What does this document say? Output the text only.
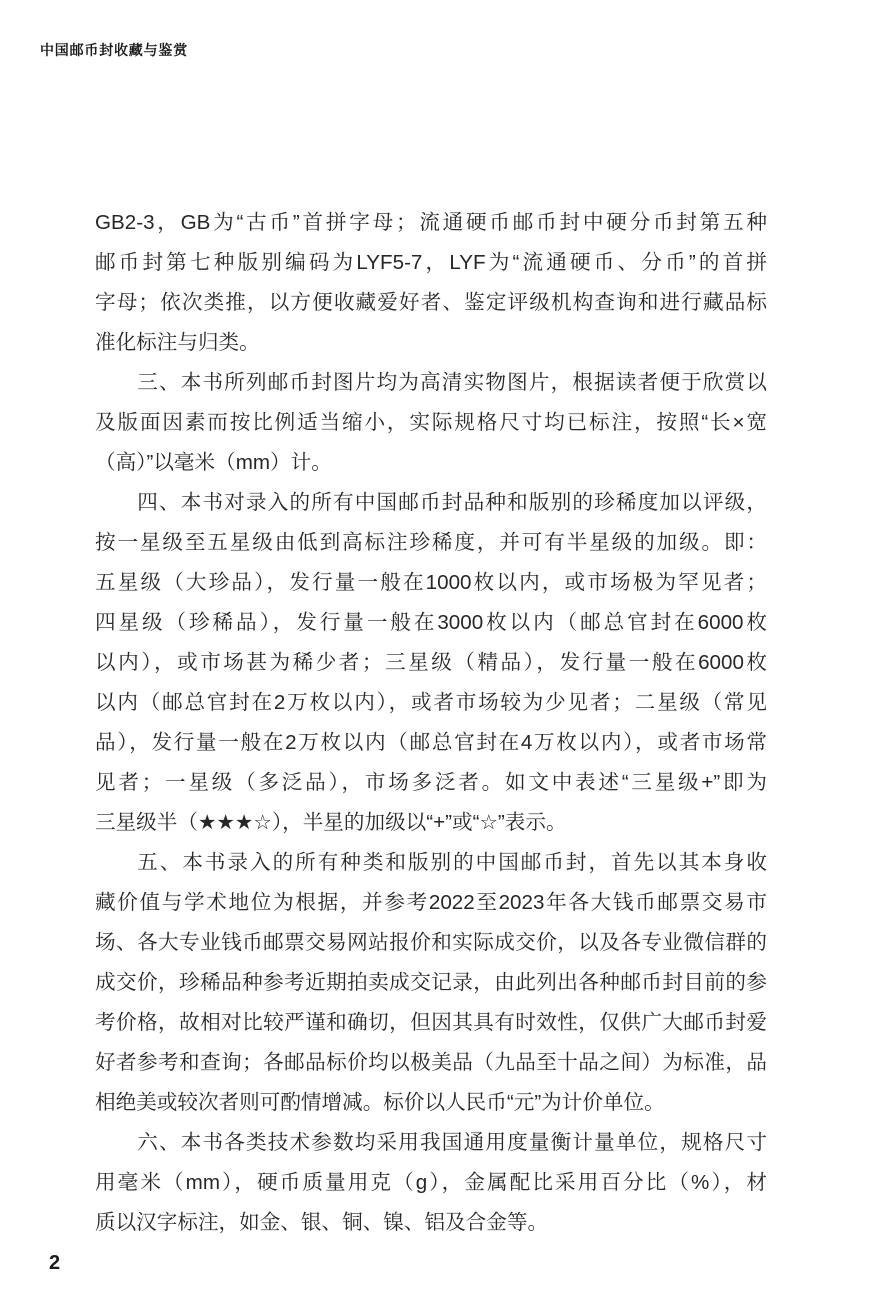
中国邮币封收藏与鉴赏
GB2-3，GB为“古币”首拼字母；流通硬币邮币封中硬分币封第五种
邮币封第七种版别编码为LYF5-7，LYF为“流通硬币、分币”的首拼
字母；依次类推，以方便收藏爱好者、鉴定评级机构查询和进行藏品标
准化标注与归类。
三、本书所列邮币封图片均为高清实物图片，根据读者便于欣赏以
及版面因素而按比例适当缩小，实际规格尺寸均已标注，按照“长×宽
（高）”以毫米（mm）计。
四、本书对录入的所有中国邮币封品种和版别的珍稀度加以评级，
按一星级至五星级由低到高标注珍稀度，并可有半星级的加级。即：
五星级（大珍品），发行量一般在1000枚以内，或市场极为罕见者；
四星级（珍稀品），发行量一般在3000枚以内（邮总官封在6000枚
以内），或市场甚为稀少者；三星级（精品），发行量一般在6000枚
以内（邮总官封在2万枚以内），或者市场较为少见者；二星级（常见
品），发行量一般在2万枚以内（邮总官封在4万枚以内），或者市场常
见者；一星级（多泛品），市场多泛者。如文中表述“三星级+”即为
三星级半（★★★☆），半星的加级以“+”或“☆”表示。
五、本书录入的所有种类和版别的中国邮币封，首先以其本身收
藏价值与学术地位为根据，并参考2022至2023年各大钱币邮票交易市
场、各大专业钱币邮票交易网站报价和实际成交价，以及各专业微信群的
成交价，珍稀品种参考近期拍卖成交记录，由此列出各种邮币封目前的参
考价格，故相对比较严谨和确切，但因其具有时效性，仅供广大邮币封爱
好者参考和查询；各邮品标价均以极美品（九品至十品之间）为标准，品
相绝美或较次者则可酌情增减。标价以人民币“元”为计价单位。
六、本书各类技术参数均采用我国通用度量衡计量单位，规格尺寸
用毫米（mm），硬币质量用克（g），金属配比采用百分比（%），材
质以汉字标注，如金、银、铜、镍、铝及合金等。
2
